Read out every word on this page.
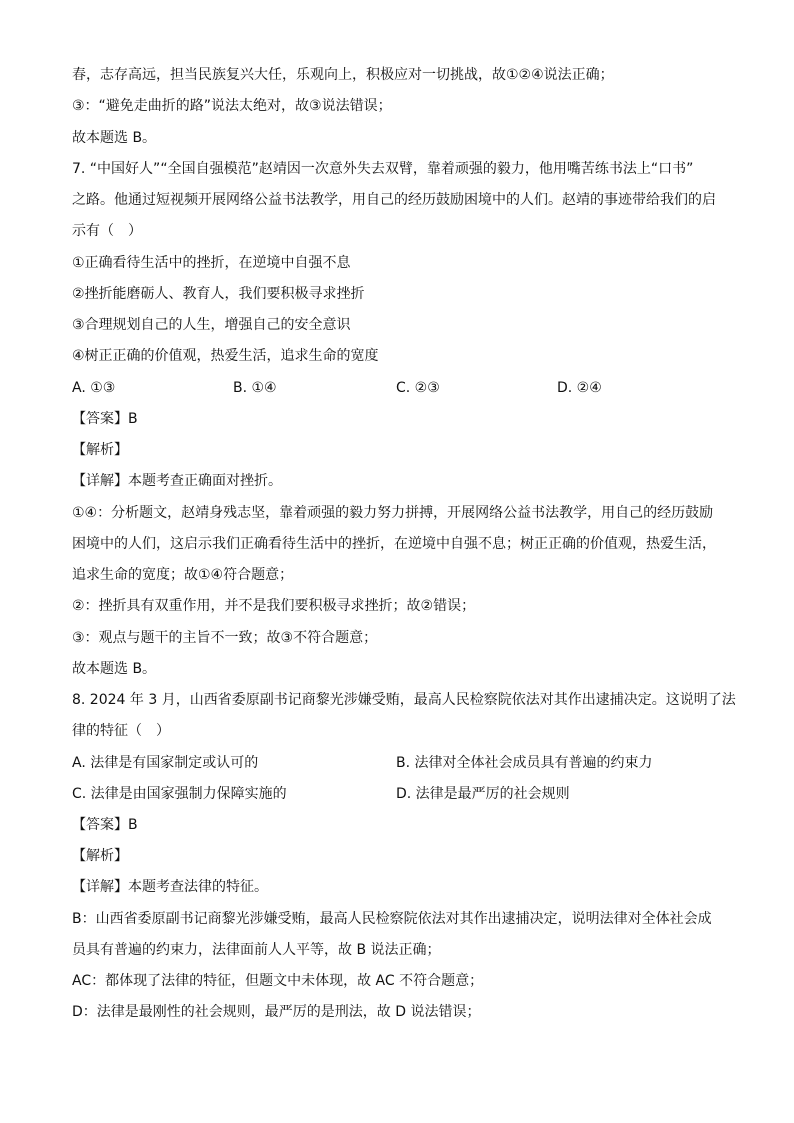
春，志存高远，担当民族复兴大任，乐观向上，积极应对一切挑战，故①②④说法正确；
③：“避免走曲折的路”说法太绝对，故③说法错误；
故本题选 B。
7. “中国好人”“全国自强模范”赵靖因一次意外失去双臂，靠着顽强的毅力，他用嘴苦练书法上“口书”
之路。他通过短视频开展网络公益书法教学，用自己的经历鼓励困境中的人们。赵靖的事迹带给我们的启
示有（　）
①正确看待生活中的挫折，在逆境中自强不息
②挫折能磨砺人、教育人，我们要积极寻求挫折
③合理规划自己的人生，增强自己的安全意识
④树正正确的价值观，热爱生活，追求生命的宽度
A. ①③	B. ①④	C. ②③	D. ②④
【答案】B
【解析】
【详解】本题考查正确面对挫折。
①④：分析题文，赵靖身残志坚，靠着顽强的毅力努力拼搏，开展网络公益书法教学，用自己的经历鼓励
困境中的人们，这启示我们正确看待生活中的挫折，在逆境中自强不息；树正正确的价值观，热爱生活，
追求生命的宽度；故①④符合题意；
②：挫折具有双重作用，并不是我们要积极寻求挫折；故②错误；
③：观点与题干的主旨不一致；故③不符合题意；
故本题选 B。
8. 2024 年 3 月，山西省委原副书记商黎光涉嫌受贿，最高人民检察院依法对其作出逮捕决定。这说明了法
律的特征（　）
A. 法律是有国家制定或认可的	B. 法律对全体社会成员具有普遍的约束力
C. 法律是由国家强制力保障实施的	D. 法律是最严厉的社会规则
【答案】B
【解析】
【详解】本题考查法律的特征。
B：山西省委原副书记商黎光涉嫌受贿，最高人民检察院依法对其作出逮捕决定，说明法律对全体社会成
员具有普遍的约束力，法律面前人人平等，故 B 说法正确；
AC：都体现了法律的特征，但题文中未体现，故 AC 不符合题意；
D：法律是最刚性的社会规则，最严厉的是刑法，故 D 说法错误；
